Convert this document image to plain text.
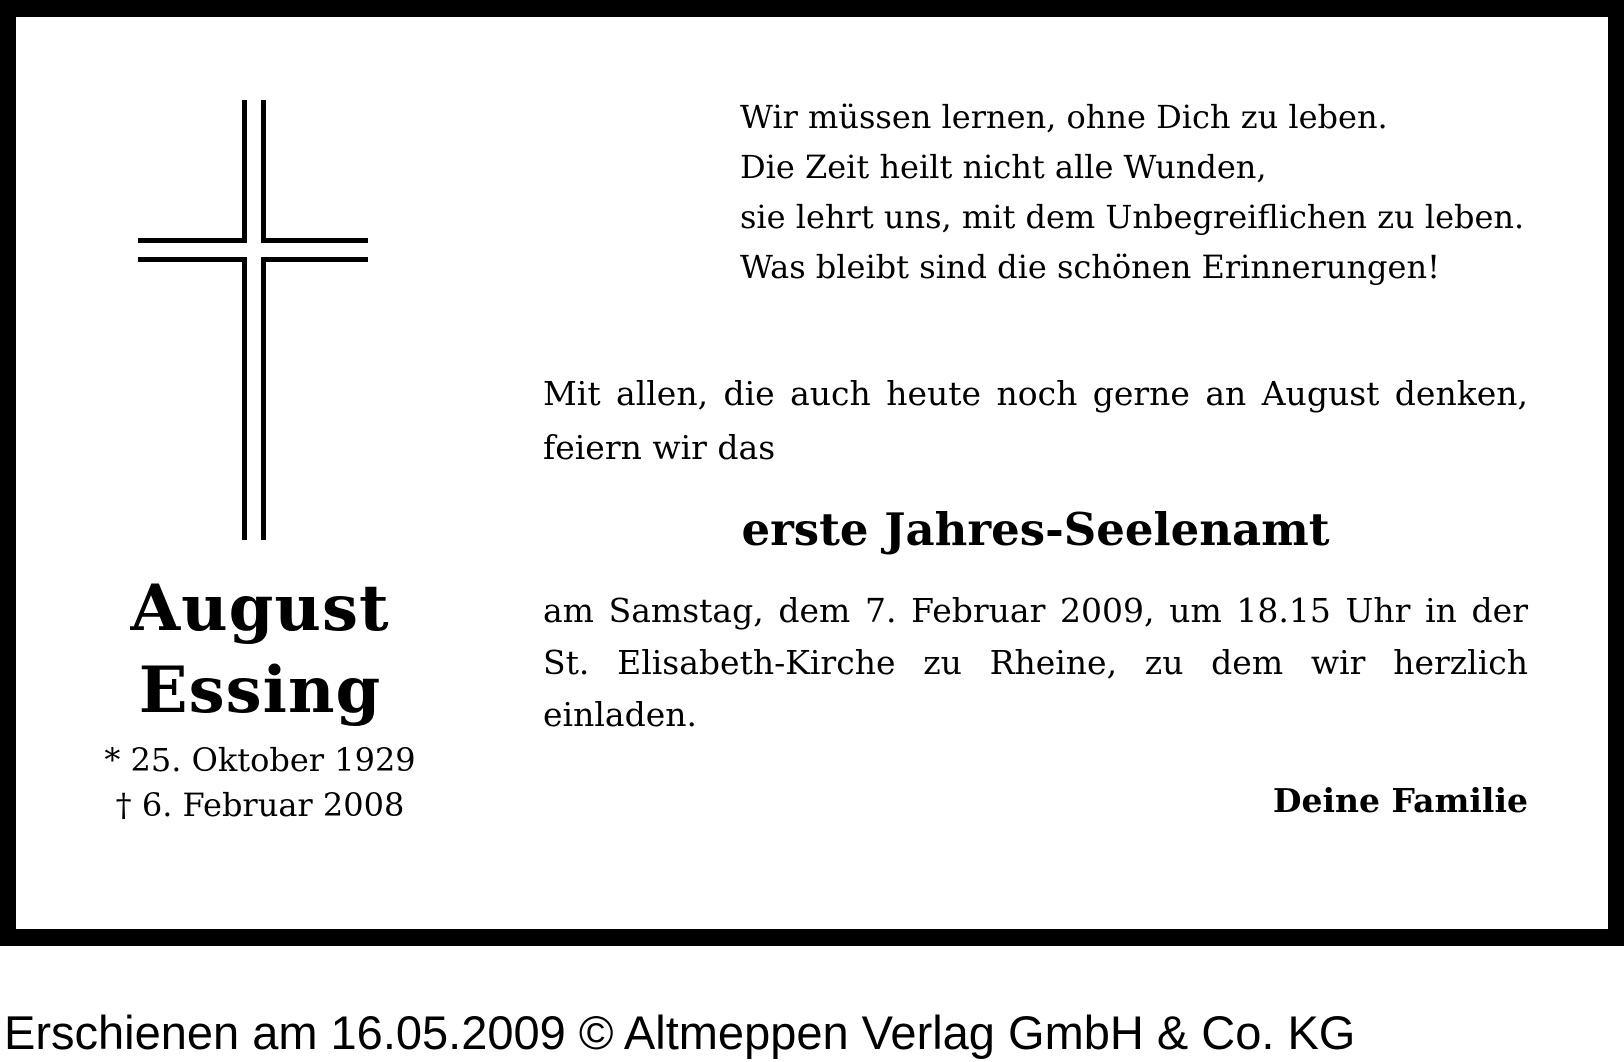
August
Essing
* 25. Oktober 1929
† 6. Februar 2008
Wir müssen lernen, ohne Dich zu leben.
Die Zeit heilt nicht alle Wunden,
sie lehrt uns, mit dem Unbegreiflichen zu leben.
Was bleibt sind die schönen Erinnerungen!
Mit allen, die auch heute noch gerne an August denken,
feiern wir das
erste Jahres-Seelenamt
am Samstag, dem 7. Februar 2009, um 18.15 Uhr in der
St. Elisabeth-Kirche zu Rheine, zu dem wir herzlich
einladen.
Deine Familie
Erschienen am 16.05.2009 © Altmeppen Verlag GmbH & Co. KG
